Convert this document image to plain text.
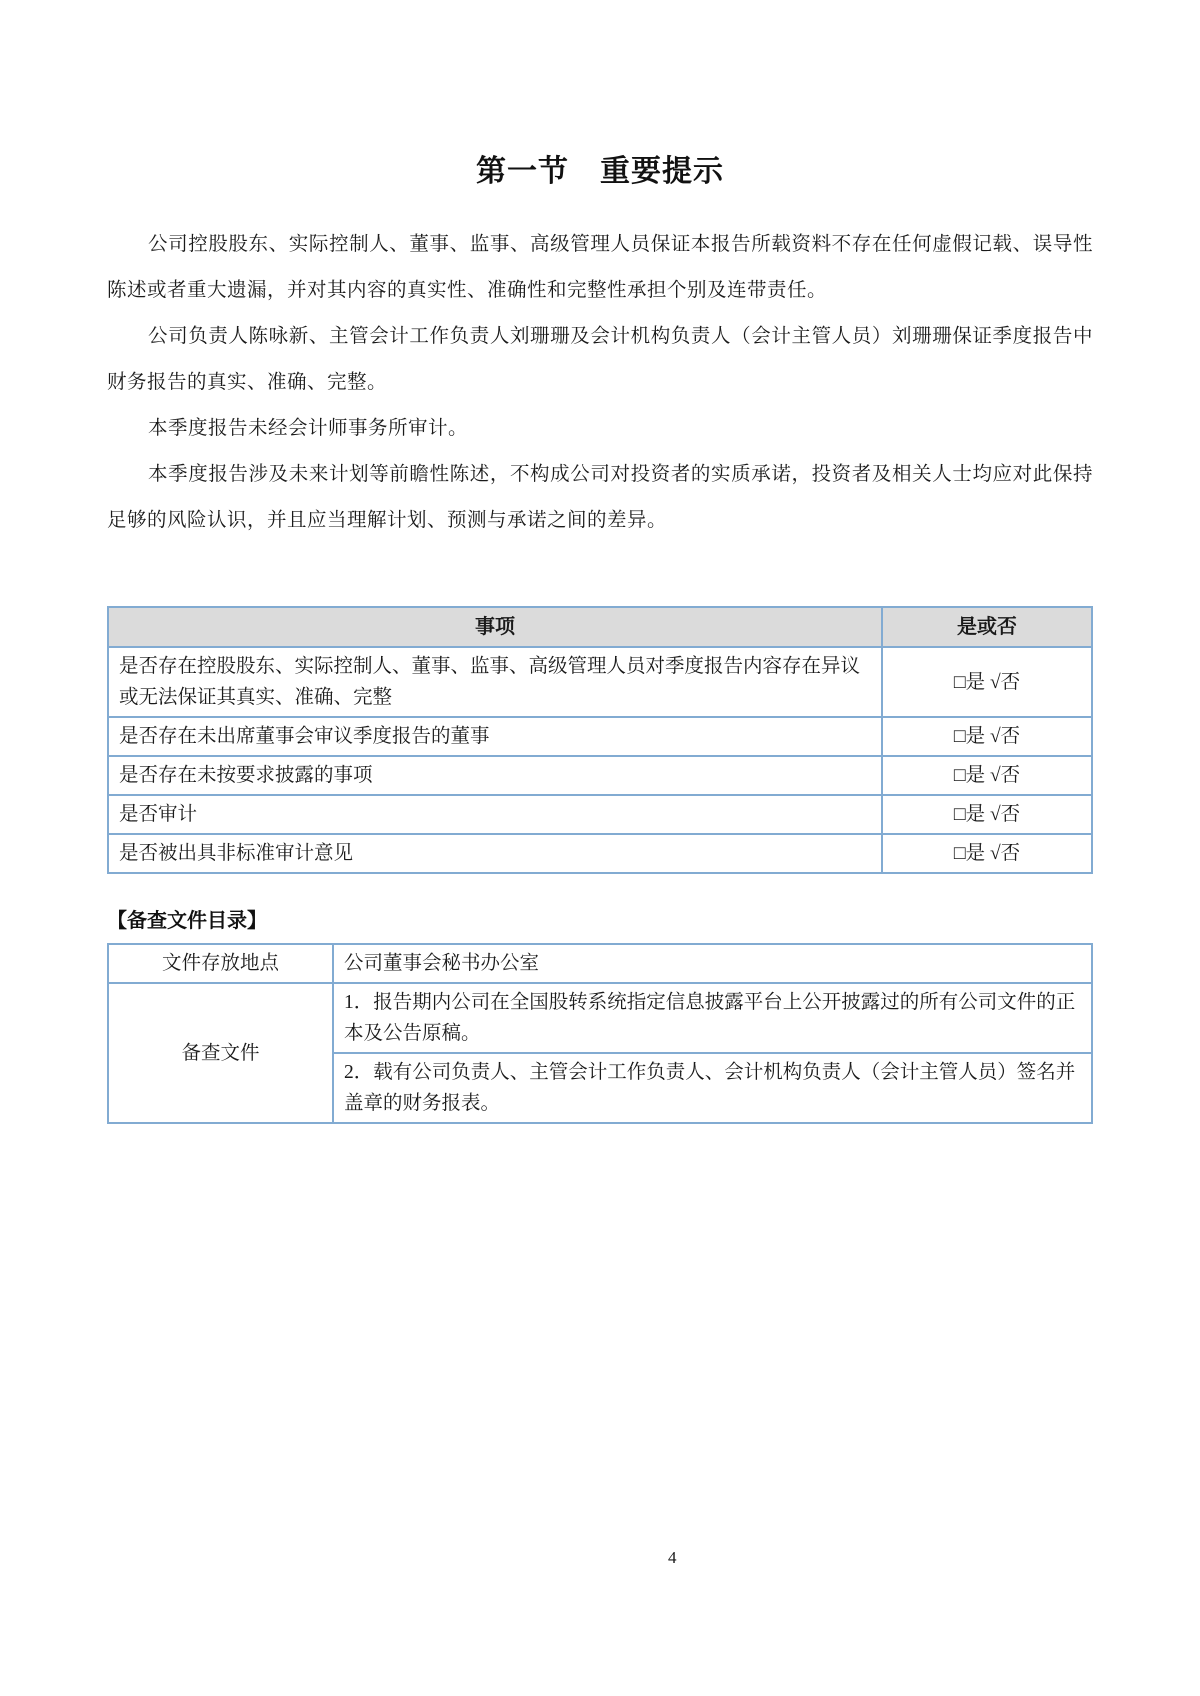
第一节　重要提示

公司控股股东、实际控制人、董事、监事、高级管理人员保证本报告所载资料不存在任何虚假记载、误导性陈述或者重大遗漏，并对其内容的真实性、准确性和完整性承担个别及连带责任。

公司负责人陈咏新、主管会计工作负责人刘珊珊及会计机构负责人（会计主管人员）刘珊珊保证季度报告中财务报告的真实、准确、完整。

本季度报告未经会计师事务所审计。

本季度报告涉及未来计划等前瞻性陈述，不构成公司对投资者的实质承诺，投资者及相关人士均应对此保持足够的风险认识，并且应当理解计划、预测与承诺之间的差异。

事项	是或否
是否存在控股股东、实际控制人、董事、监事、高级管理人员对季度报告内容存在异议或无法保证其真实、准确、完整	□是 √否
是否存在未出席董事会审议季度报告的董事	□是 √否
是否存在未按要求披露的事项	□是 √否
是否审计	□是 √否
是否被出具非标准审计意见	□是 √否
【备查文件目录】
文件存放地点	公司董事会秘书办公室
备查文件	1．报告期内公司在全国股转系统指定信息披露平台上公开披露过的所有公司文件的正本及公告原稿。
	2．载有公司负责人、主管会计工作负责人、会计机构负责人（会计主管人员）签名并盖章的财务报表。
4
